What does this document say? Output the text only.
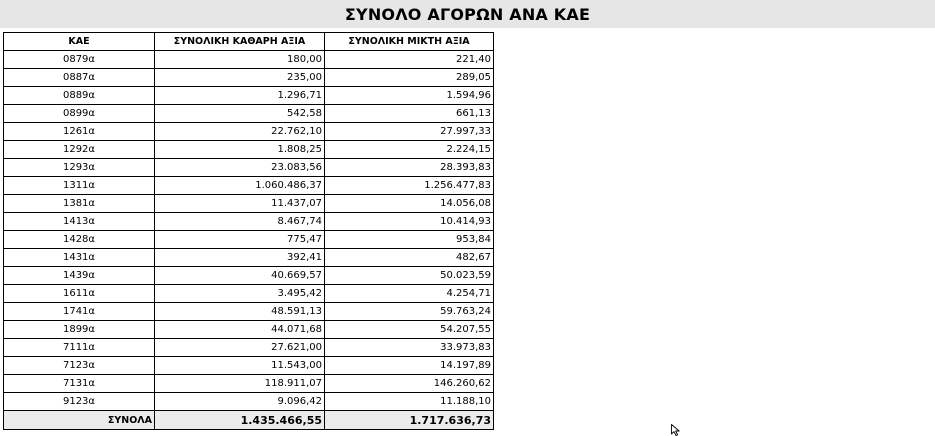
ΣΥΝΟΛΟ ΑΓΟΡΩΝ ΑΝΑ ΚΑΕ
ΚΑΕ	ΣΥΝΟΛΙΚΗ ΚΑΘΑΡΗ ΑΞΙΑ	ΣΥΝΟΛΙΚΗ ΜΙΚΤΗ ΑΞΙΑ
0879α	180,00	221,40
0887α	235,00	289,05
0889α	1.296,71	1.594,96
0899α	542,58	661,13
1261α	22.762,10	27.997,33
1292α	1.808,25	2.224,15
1293α	23.083,56	28.393,83
1311α	1.060.486,37	1.256.477,83
1381α	11.437,07	14.056,08
1413α	8.467,74	10.414,93
1428α	775,47	953,84
1431α	392,41	482,67
1439α	40.669,57	50.023,59
1611α	3.495,42	4.254,71
1741α	48.591,13	59.763,24
1899α	44.071,68	54.207,55
7111α	27.621,00	33.973,83
7123α	11.543,00	14.197,89
7131α	118.911,07	146.260,62
9123α	9.096,42	11.188,10
ΣΥΝΟΛΑ	1.435.466,55	1.717.636,73
